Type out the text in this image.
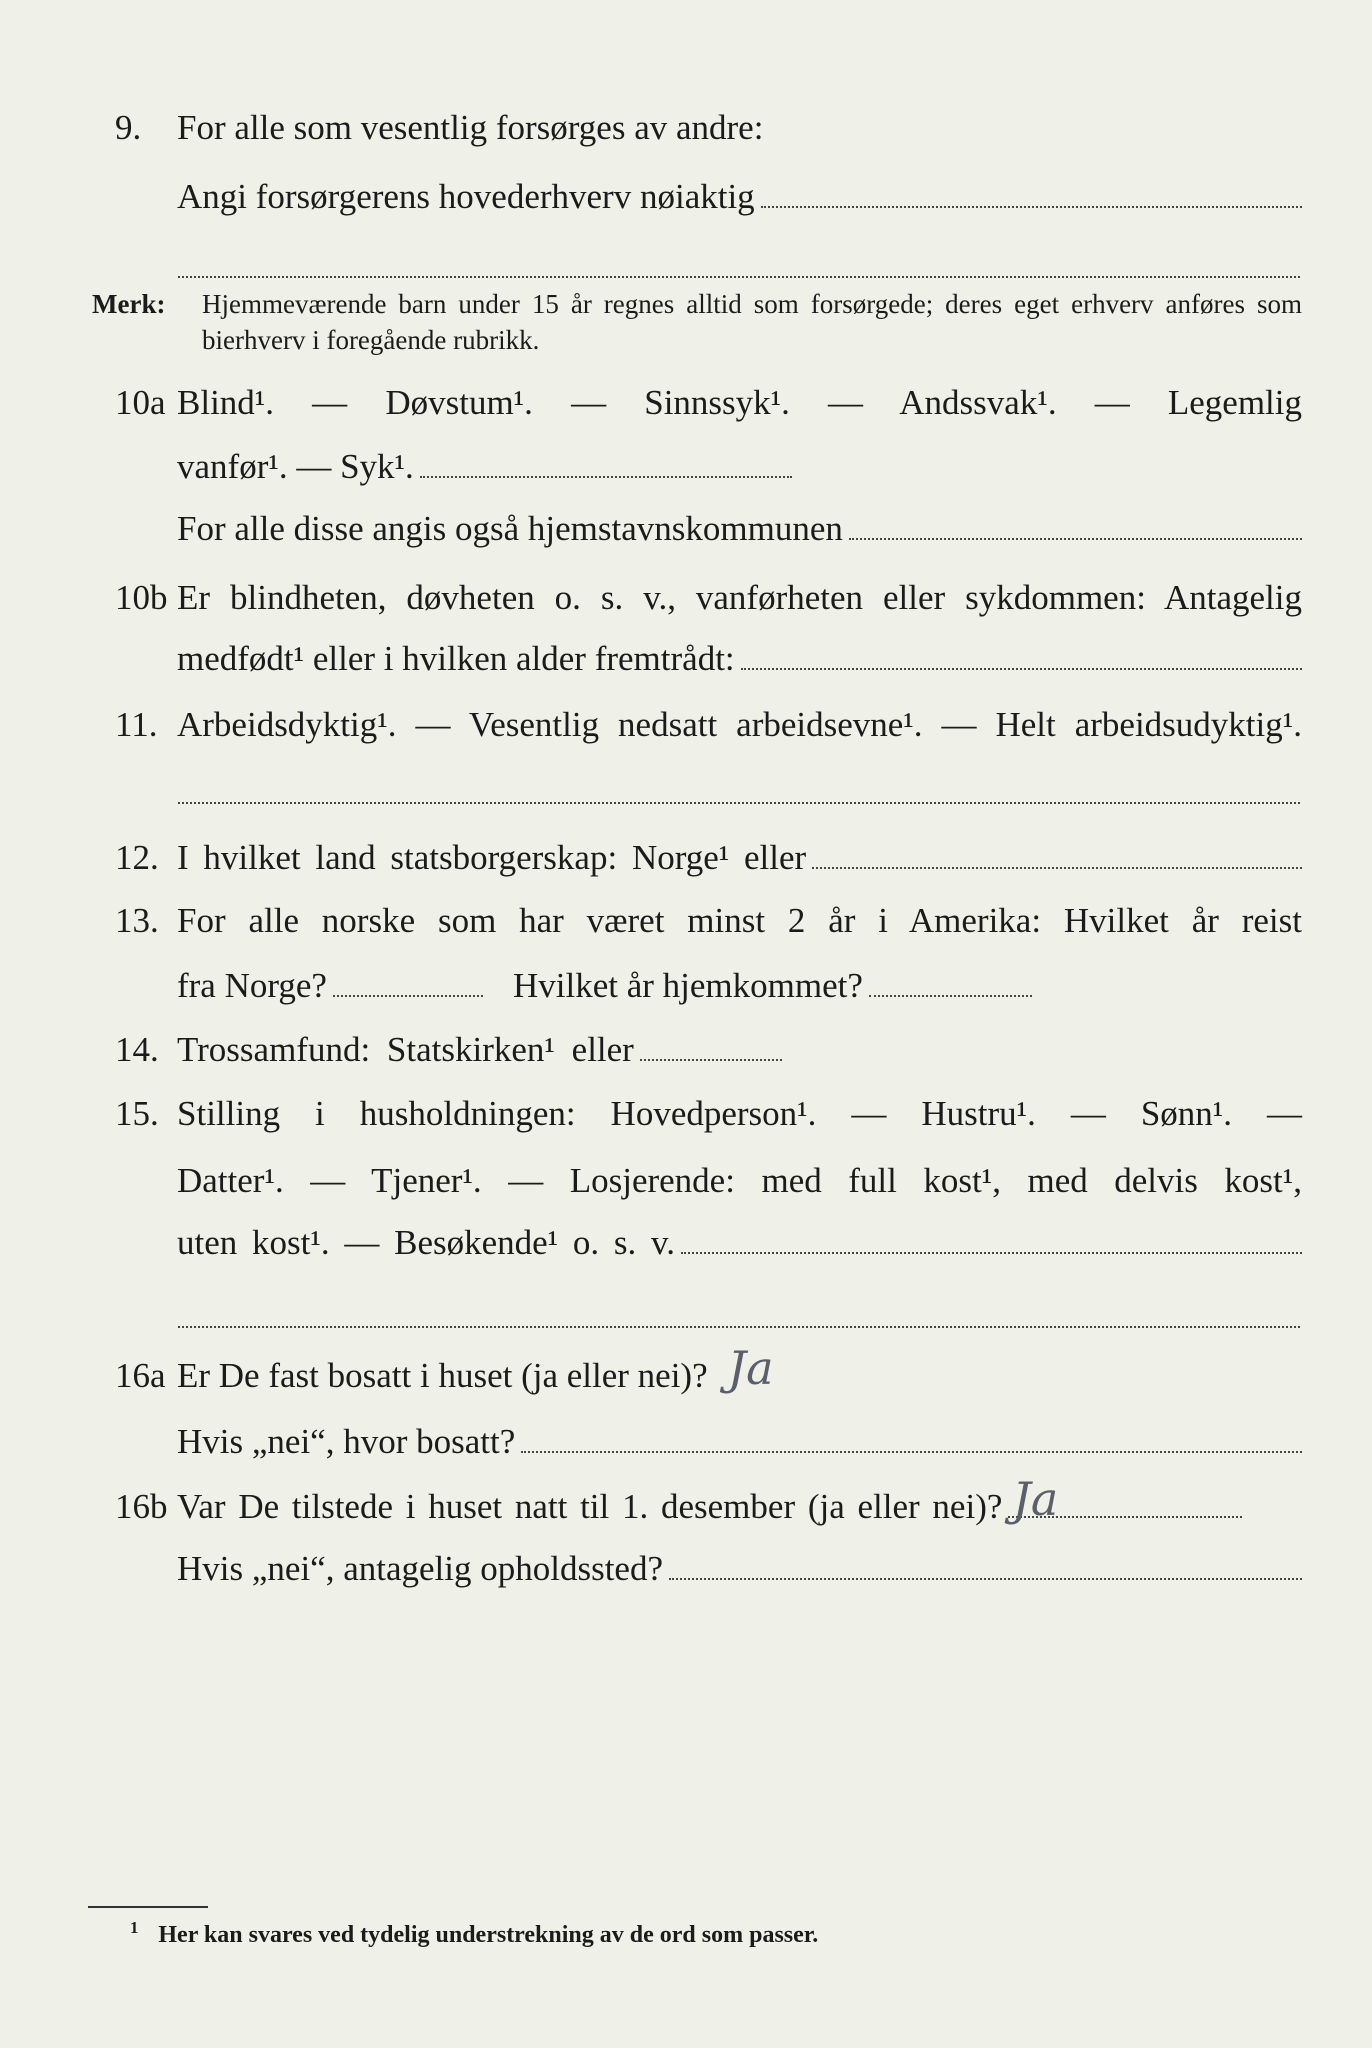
9.	For alle som vesentlig forsørges av andre:
Angi forsørgerens hovederhverv nøiaktig
Merk: Hjemmeværende barn under 15 år regnes alltid som forsørgede; deres eget erhverv anføres som bierhverv i foregående rubrikk.
10a Blind¹. — Døvstum¹. — Sinnssyk¹. — Andssvak¹. — Legemlig
vanfør¹. — Syk¹.
For alle disse angis også hjemstavnskommunen
10b Er blindheten, døvheten o. s. v., vanførheten eller sykdommen: Antagelig
medfødt¹ eller i hvilken alder fremtrådt:
11. Arbeidsdyktig¹. — Vesentlig nedsatt arbeidsevne¹. — Helt arbeidsudyktig¹.
12. I hvilket land statsborgerskap: Norge¹ eller
13. For alle norske som har været minst 2 år i Amerika: Hvilket år reist
fra Norge?	Hvilket år hjemkommet?
14. Trossamfund: Statskirken¹ eller
15. Stilling i husholdningen: Hovedperson¹. — Hustru¹. — Sønn¹. —
Datter¹. — Tjener¹. — Losjerende: med full kost¹, med delvis kost¹,
uten kost¹. — Besøkende¹ o. s. v.
16a Er De fast bosatt i huset (ja eller nei)? Ja
Hvis „nei“, hvor bosatt?
16b Var De tilstede i huset natt til 1. desember (ja eller nei)? Ja
Hvis „nei“, antagelig opholdssted?
$^1$ Her kan svares ved tydelig understrekning av de ord som passer.
